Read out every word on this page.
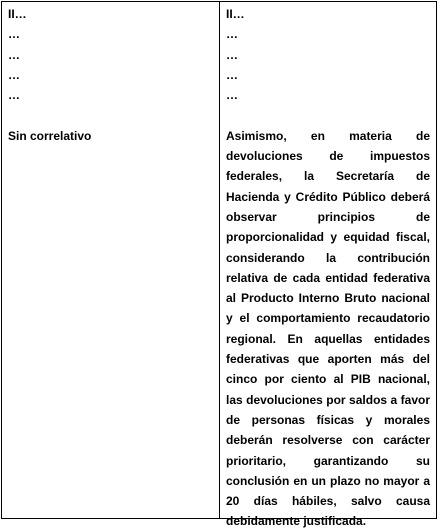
II…
…
…
…
…
Sin correlativo
II…
…
…
…
…

Asimismo, en materia de devoluciones de impuestos federales, la Secretaría de Hacienda y Crédito Público deberá observar principios de proporcionalidad y equidad fiscal, considerando la contribución relativa de cada entidad federativa al Producto Interno Bruto nacional y el comportamiento recaudatorio regional. En aquellas entidades federativas que aporten más del cinco por ciento al PIB nacional, las devoluciones por saldos a favor de personas físicas y morales deberán resolverse con carácter prioritario, garantizando su conclusión en un plazo no mayor a 20 días hábiles, salvo causa debidamente justificada.
